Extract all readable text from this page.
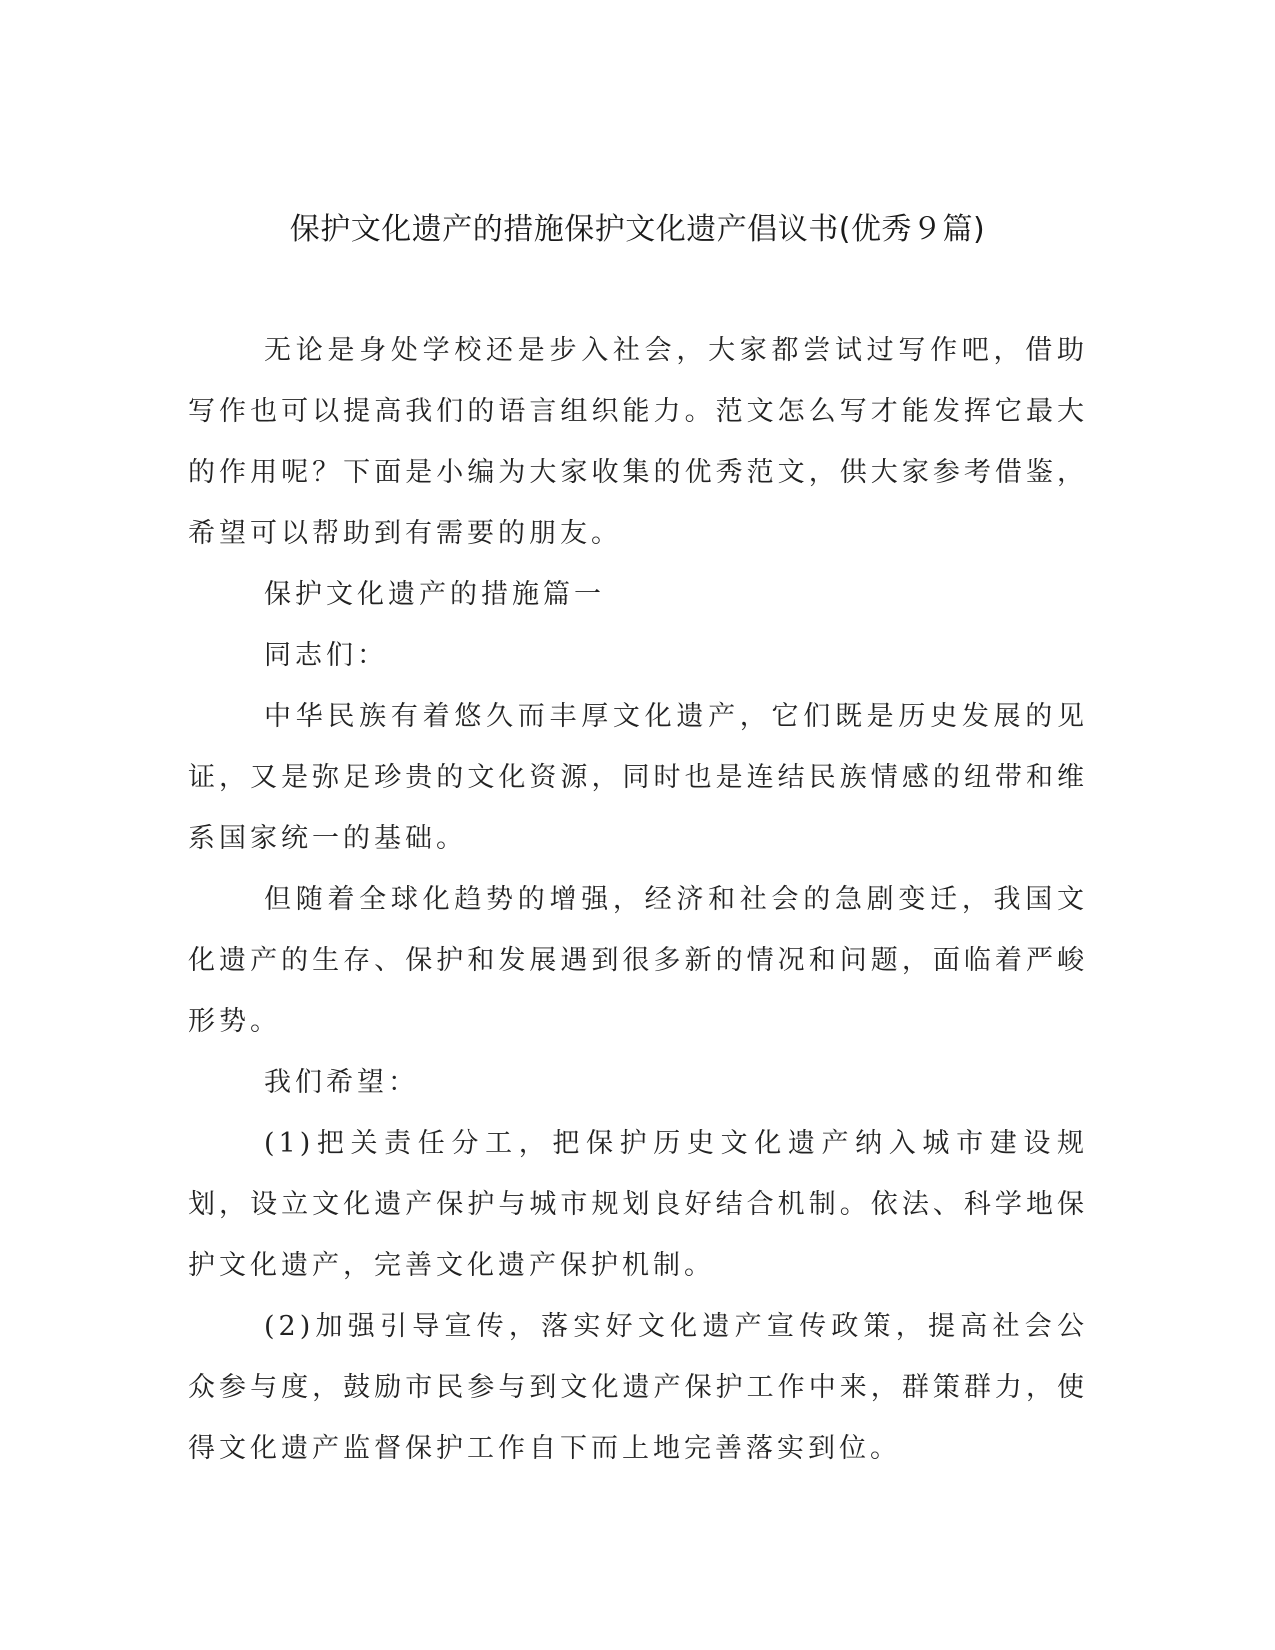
保护文化遗产的措施保护文化遗产倡议书(优秀９篇)

无论是身处学校还是步入社会，大家都尝试过写作吧，借助写作也可以提高我们的语言组织能力。范文怎么写才能发挥它最大的作用呢？下面是小编为大家收集的优秀范文，供大家参考借鉴，希望可以帮助到有需要的朋友。

保护文化遗产的措施篇一

同志们：

中华民族有着悠久而丰厚文化遗产，它们既是历史发展的见证，又是弥足珍贵的文化资源，同时也是连结民族情感的纽带和维系国家统一的基础。

但随着全球化趋势的增强，经济和社会的急剧变迁，我国文化遗产的生存、保护和发展遇到很多新的情况和问题，面临着严峻形势。

我们希望：

(1)把关责任分工，把保护历史文化遗产纳入城市建设规划，设立文化遗产保护与城市规划良好结合机制。依法、科学地保护文化遗产，完善文化遗产保护机制。

(2)加强引导宣传，落实好文化遗产宣传政策，提高社会公众参与度，鼓励市民参与到文化遗产保护工作中来，群策群力，使得文化遗产监督保护工作自下而上地完善落实到位。
